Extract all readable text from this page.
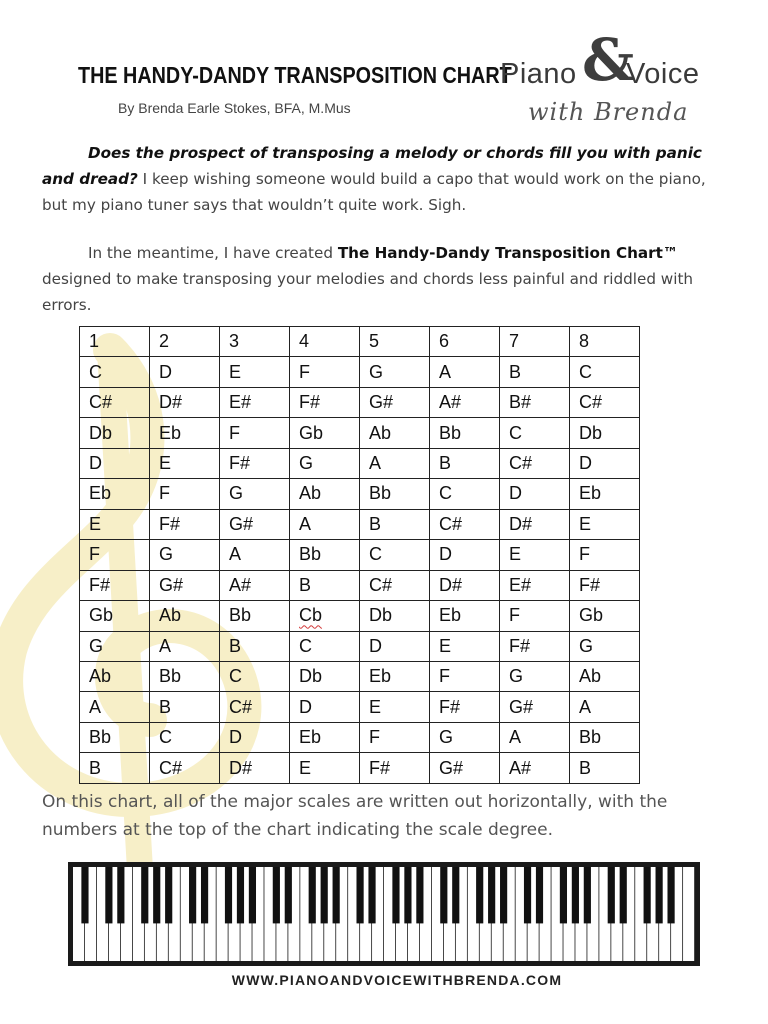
THE HANDY-DANDY TRANSPOSITION CHART
By Brenda Earle Stokes, BFA, M.Mus
&
Piano Voice
with Brenda

Does the prospect of transposing a melody or chords fill you with panic and dread? I keep wishing someone would build a capo that would work on the piano, but my piano tuner says that wouldn’t quite work. Sigh.

In the meantime, I have created The Handy-Dandy Transposition Chart™ designed to make transposing your melodies and chords less painful and riddled with errors.

1	2	3	4	5	6	7	8
C	D	E	F	G	A	B	C
C#	D#	E#	F#	G#	A#	B#	C#
Db	Eb	F	Gb	Ab	Bb	C	Db
D	E	F#	G	A	B	C#	D
Eb	F	G	Ab	Bb	C	D	Eb
E	F#	G#	A	B	C#	D#	E
F	G	A	Bb	C	D	E	F
F#	G#	A#	B	C#	D#	E#	F#
Gb	Ab	Bb	Cb	Db	Eb	F	Gb
G	A	B	C	D	E	F#	G
Ab	Bb	C	Db	Eb	F	G	Ab
A	B	C#	D	E	F#	G#	A
Bb	C	D	Eb	F	G	A	Bb
B	C#	D#	E	F#	G#	A#	B

On this chart, all of the major scales are written out horizontally, with the numbers at the top of the chart indicating the scale degree.

WWW.PIANOANDVOICEWITHBRENDA.COM
